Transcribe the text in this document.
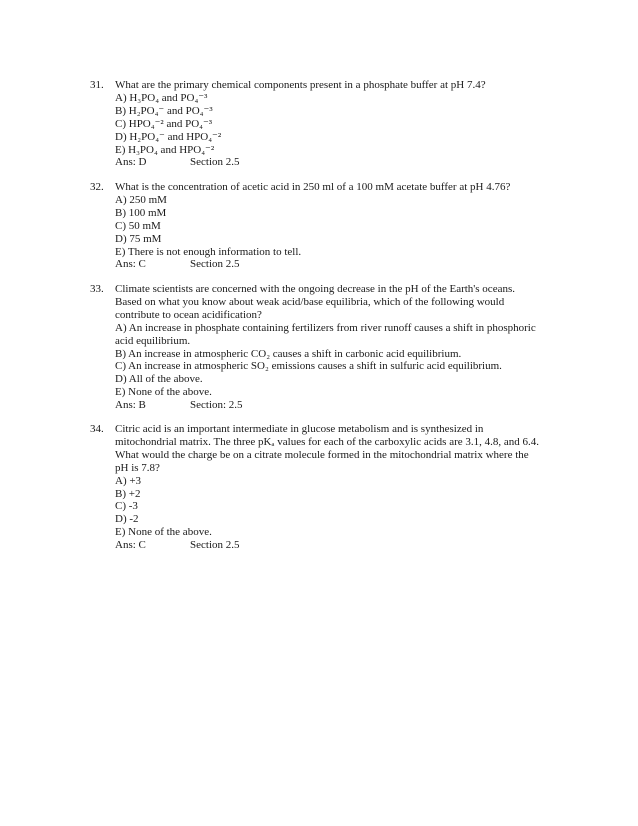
31.	What are the primary chemical components present in a phosphate buffer at pH 7.4?
A) H₃PO₄ and PO₄⁻³
B) H₂PO₄⁻ and PO₄⁻³
C) HPO₄⁻² and PO₄⁻³
D) H₂PO₄⁻ and HPO₄⁻²
E) H₃PO₄ and HPO₄⁻²
Ans: D	Section 2.5
32.	What is the concentration of acetic acid in 250 ml of a 100 mM acetate buffer at pH 4.76?
A) 250 mM
B) 100 mM
C) 50 mM
D) 75 mM
E) There is not enough information to tell.
Ans: C	Section 2.5
33.	Climate scientists are concerned with the ongoing decrease in the pH of the Earth's oceans.
Based on what you know about weak acid/base equilibria, which of the following would
contribute to ocean acidification?
A) An increase in phosphate containing fertilizers from river runoff causes a shift in phosphoric
acid equilibrium.
B) An increase in atmospheric CO₂ causes a shift in carbonic acid equilibrium.
C) An increase in atmospheric SO₂ emissions causes a shift in sulfuric acid equilibrium.
D) All of the above.
E) None of the above.
Ans: B	Section: 2.5
34.	Citric acid is an important intermediate in glucose metabolism and is synthesized in
mitochondrial matrix. The three pKₐ values for each of the carboxylic acids are 3.1, 4.8, and 6.4.
What would the charge be on a citrate molecule formed in the mitochondrial matrix where the
pH is 7.8?
A) +3
B) +2
C) -3
D) -2
E) None of the above.
Ans: C	Section 2.5
